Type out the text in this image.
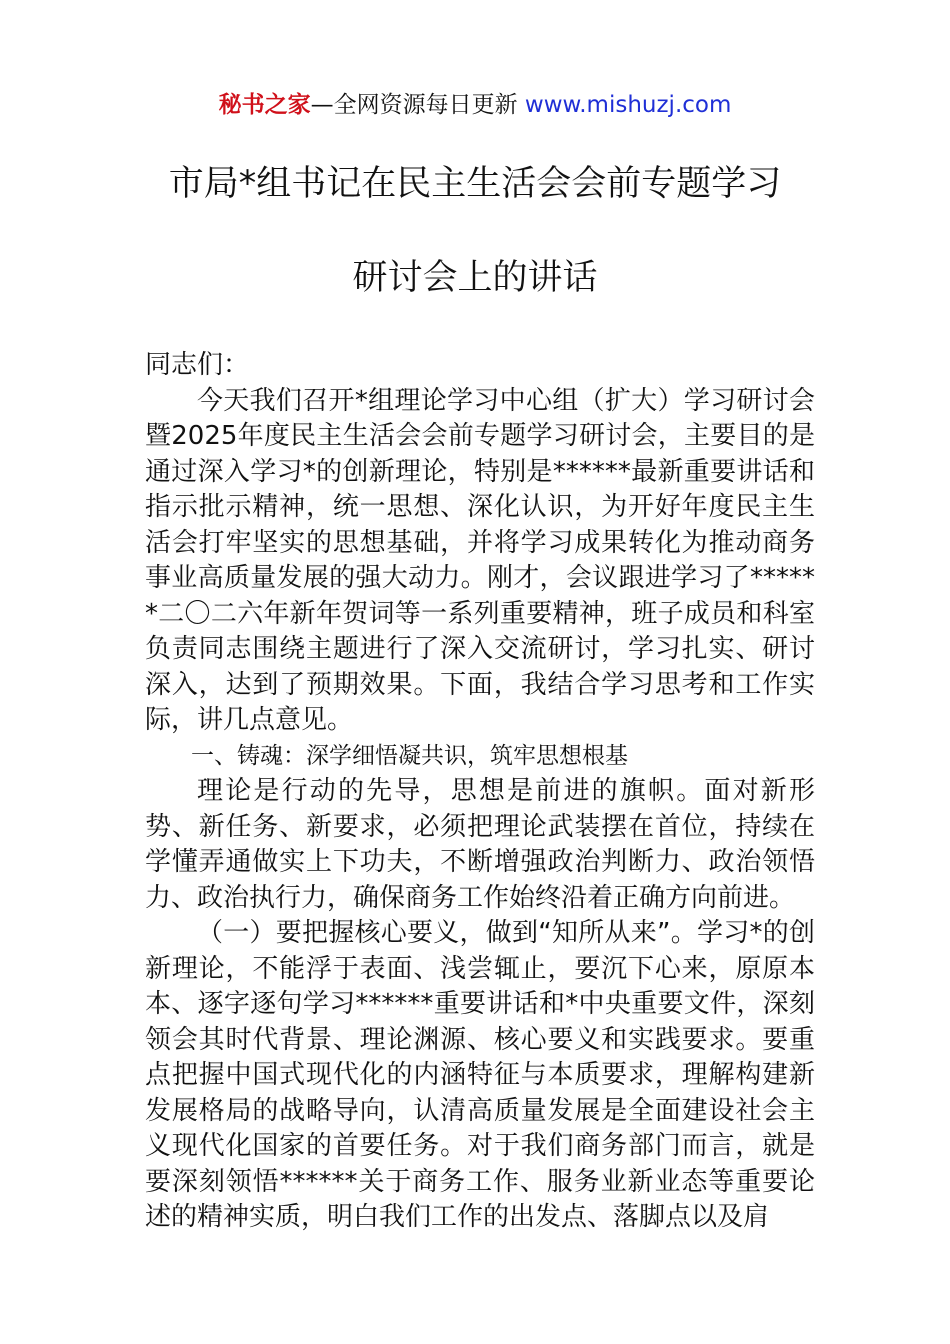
秘书之家—全网资源每日更新 www.mishuzj.com
市局*组书记在民主生活会会前专题学习
研讨会上的讲话

同志们：

今天我们召开*组理论学习中心组（扩大）学习研讨会暨2025年度民主生活会会前专题学习研讨会，主要目的是通过深入学习*的创新理论，特别是******最新重要讲话和指示批示精神，统一思想、深化认识，为开好年度民主生活会打牢坚实的思想基础，并将学习成果转化为推动商务事业高质量发展的强大动力。刚才，会议跟进学习了******二〇二六年新年贺词等一系列重要精神，班子成员和科室负责同志围绕主题进行了深入交流研讨，学习扎实、研讨深入，达到了预期效果。下面，我结合学习思考和工作实际，讲几点意见。

一、铸魂：深学细悟凝共识，筑牢思想根基

理论是行动的先导，思想是前进的旗帜。面对新形势、新任务、新要求，必须把理论武装摆在首位，持续在学懂弄通做实上下功夫，不断增强政治判断力、政治领悟力、政治执行力，确保商务工作始终沿着正确方向前进。

（一）要把握核心要义，做到“知所从来”。学习*的创新理论，不能浮于表面、浅尝辄止，要沉下心来，原原本本、逐字逐句学习******重要讲话和*中央重要文件，深刻领会其时代背景、理论渊源、核心要义和实践要求。要重点把握中国式现代化的内涵特征与本质要求，理解构建新发展格局的战略导向，认清高质量发展是全面建设社会主义现代化国家的首要任务。对于我们商务部门而言，就是要深刻领悟******关于商务工作、服务业新业态等重要论述的精神实质，明白我们工作的出发点、落脚点以及肩
